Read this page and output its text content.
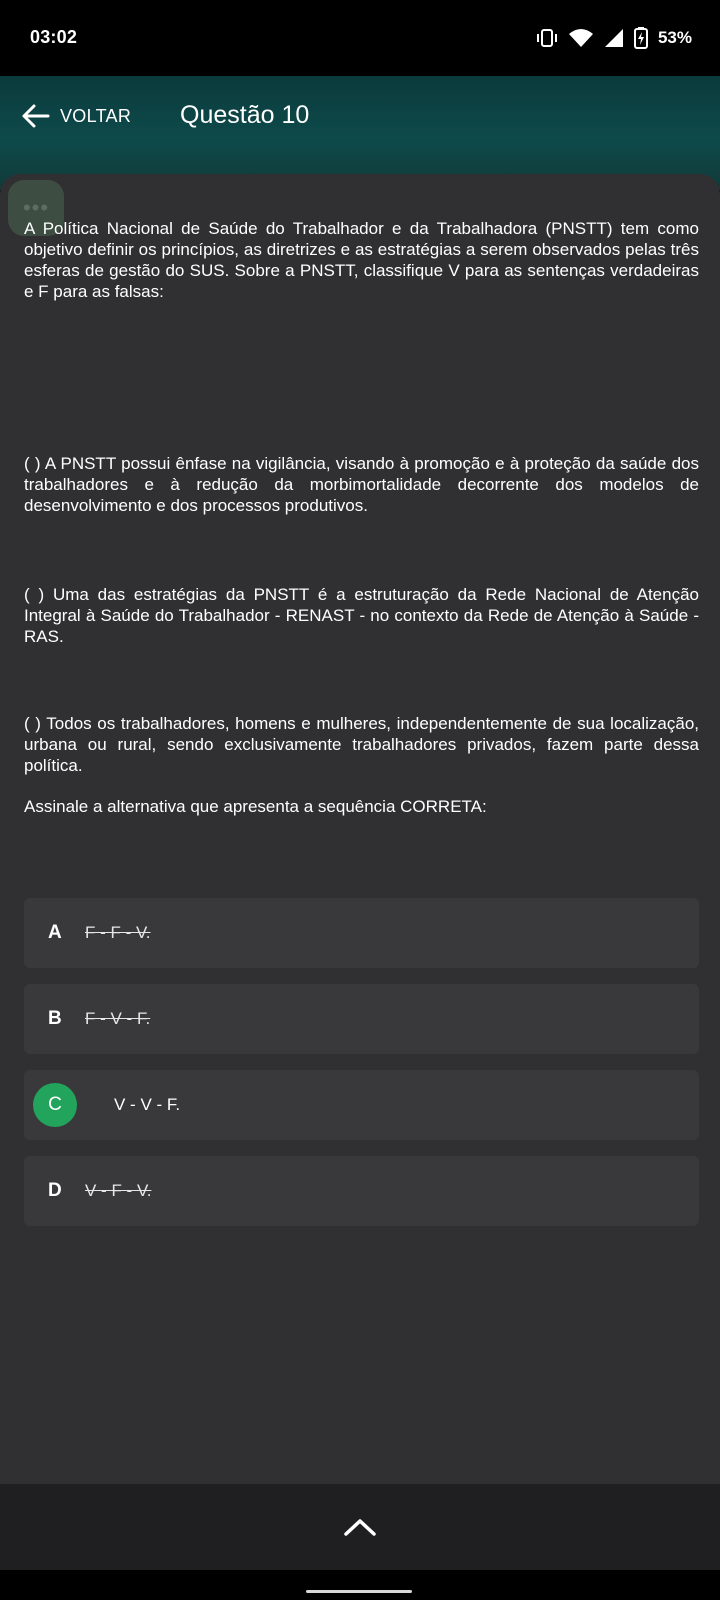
03:02	53%
VOLTAR Questão 10
•••
A Política Nacional de Saúde do Trabalhador e da Trabalhadora (PNSTT) tem como objetivo definir os princípios, as diretrizes e as estratégias a serem observados pelas três esferas de gestão do SUS. Sobre a PNSTT, classifique V para as sentenças verdadeiras e F para as falsas:
( ) A PNSTT possui ênfase na vigilância, visando à promoção e à proteção da saúde dos trabalhadores e à redução da morbimortalidade decorrente dos modelos de desenvolvimento e dos processos produtivos.
( ) Uma das estratégias da PNSTT é a estruturação da Rede Nacional de Atenção Integral à Saúde do Trabalhador - RENAST - no contexto da Rede de Atenção à Saúde - RAS.
( ) Todos os trabalhadores, homens e mulheres, independentemente de sua localização, urbana ou rural, sendo exclusivamente trabalhadores privados, fazem parte dessa política.
Assinale a alternativa que apresenta a sequência CORRETA:
A F - F - V.
B F - V - F.
C	V - V - F.
D V - F - V.
